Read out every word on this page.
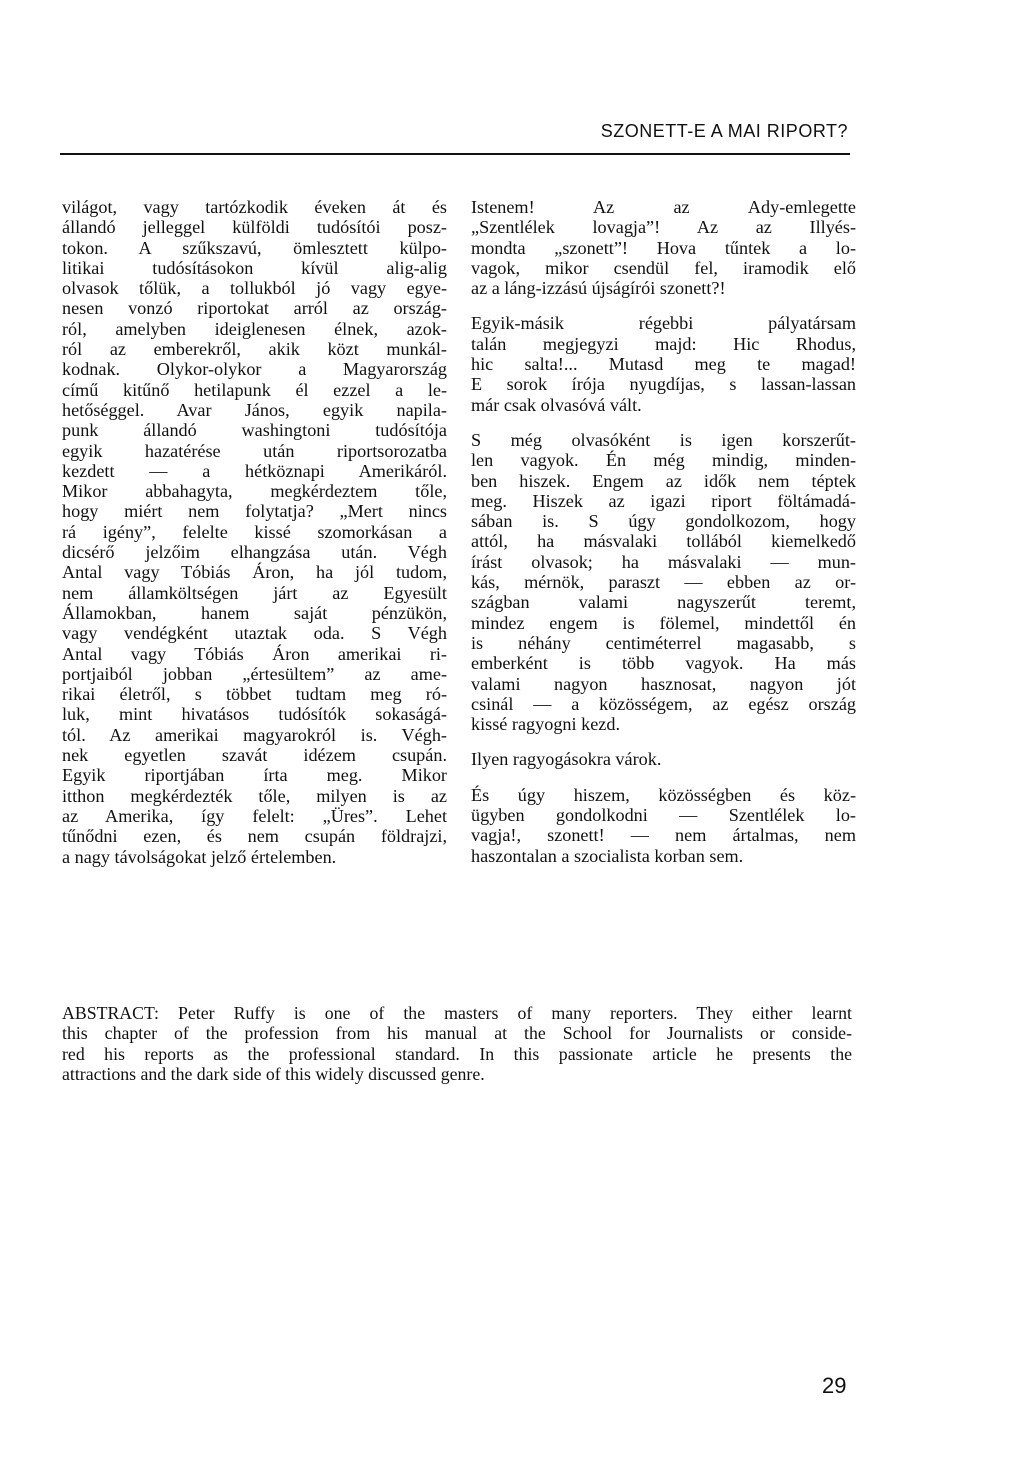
SZONETT-E A MAI RIPORT?
világot, vagy tartózkodik éveken át és
állandó jelleggel külföldi tudósítói posz-
tokon. A szűkszavú, ömlesztett külpo-
litikai tudósításokon kívül alig-alig
olvasok tőlük, a tollukból jó vagy egye-
nesen vonzó riportokat arról az ország-
ról, amelyben ideiglenesen élnek, azok-
ról az emberekről, akik közt munkál-
kodnak. Olykor-olykor a Magyarország
című kitűnő hetilapunk él ezzel a le-
hetőséggel. Avar János, egyik napila-
punk állandó washingtoni tudósítója
egyik hazatérése után riportsorozatba
kezdett — a hétköznapi Amerikáról.
Mikor abbahagyta, megkérdeztem tőle,
hogy miért nem folytatja? „Mert nincs
rá igény”, felelte kissé szomorkásan a
dicsérő jelzőim elhangzása után. Végh
Antal vagy Tóbiás Áron, ha jól tudom,
nem államköltségen járt az Egyesült
Államokban, hanem saját pénzükön,
vagy vendégként utaztak oda. S Végh
Antal vagy Tóbiás Áron amerikai ri-
portjaiból jobban „értesültem” az ame-
rikai életről, s többet tudtam meg ró-
luk, mint hivatásos tudósítók sokaságá-
tól. Az amerikai magyarokról is. Végh-
nek egyetlen szavát idézem csupán.
Egyik riportjában írta meg. Mikor
itthon megkérdezték tőle, milyen is az
az Amerika, így felelt: „Üres”. Lehet
tűnődni ezen, és nem csupán földrajzi,
a nagy távolságokat jelző értelemben.
Istenem! Az az Ady-emlegette
„Szentlélek lovagja”! Az az Illyés-
mondta „szonett”! Hova tűntek a lo-
vagok, mikor csendül fel, iramodik elő
az a láng-izzású újságírói szonett?!
Egyik-másik régebbi pályatársam
talán megjegyzi majd: Hic Rhodus,
hic salta!... Mutasd meg te magad!
E sorok írója nyugdíjas, s lassan-lassan
már csak olvasóvá vált.
S még olvasóként is igen korszerűt-
len vagyok. Én még mindig, minden-
ben hiszek. Engem az idők nem téptek
meg. Hiszek az igazi riport föltámadá-
sában is. S úgy gondolkozom, hogy
attól, ha másvalaki tollából kiemelkedő
írást olvasok; ha másvalaki — mun-
kás, mérnök, paraszt — ebben az or-
szágban valami nagyszerűt teremt,
mindez engem is fölemel, mindettől én
is néhány centiméterrel magasabb, s
emberként is több vagyok. Ha más
valami nagyon hasznosat, nagyon jót
csinál — a közösségem, az egész ország
kissé ragyogni kezd.
Ilyen ragyogásokra várok.
És úgy hiszem, közösségben és köz-
ügyben gondolkodni — Szentlélek lo-
vagja!, szonett! — nem ártalmas, nem
haszontalan a szocialista korban sem.
ABSTRACT: Peter Ruffy is one of the masters of many reporters. They either learnt
this chapter of the profession from his manual at the School for Journalists or conside-
red his reports as the professional standard. In this passionate article he presents the
attractions and the dark side of this widely discussed genre.
29
